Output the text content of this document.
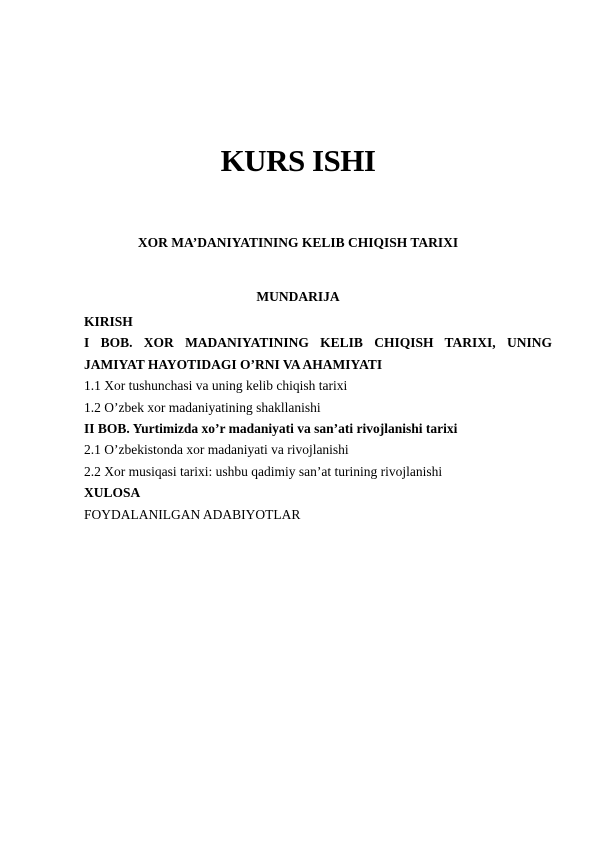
KURS ISHI
XOR MA’DANIYATINING KELIB CHIQISH TARIXI
MUNDARIJA
KIRISH
I BOB. XOR MADANIYATINING KELIB CHIQISH TARIXI, UNING
JAMIYAT HAYOTIDAGI O’RNI VA AHAMIYATI
1.1 Xor tushunchasi va uning kelib chiqish tarixi
1.2 O’zbek xor madaniyatining shakllanishi
II BOB. Yurtimizda xo’r madaniyati va san’ati rivojlanishi tarixi
2.1 O’zbekistonda xor madaniyati va rivojlanishi
2.2 Xor musiqasi tarixi: ushbu qadimiy san’at turining rivojlanishi
XULOSA
FOYDALANILGAN ADABIYOTLAR
